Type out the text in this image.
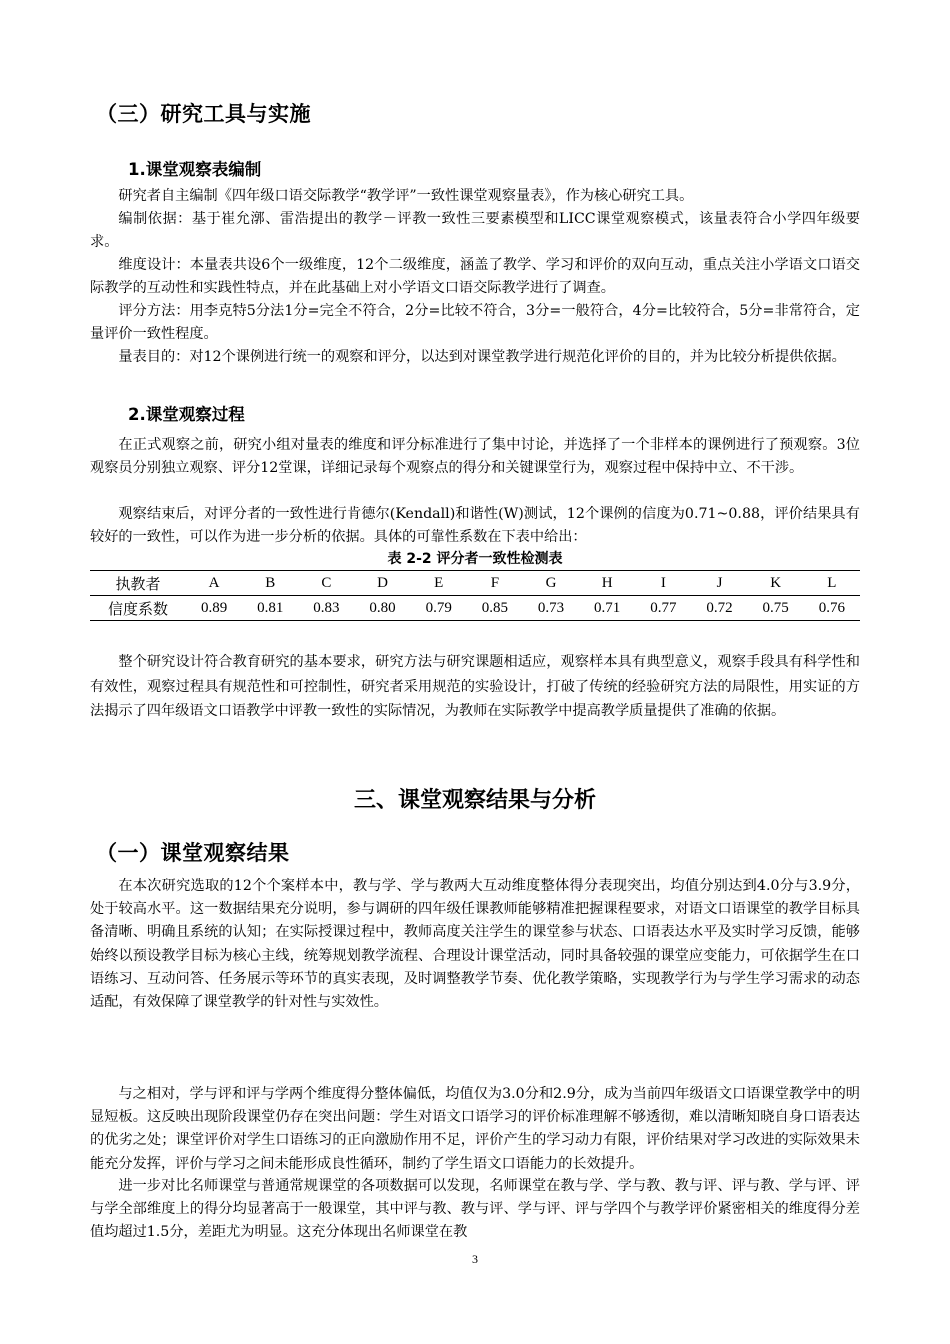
（三）研究工具与实施
1.课堂观察表编制

研究者自主编制《四年级口语交际教学“教学评”一致性课堂观察量表》，作为核心研究工具。

编制依据：基于崔允漷、雷浩提出的教学－评教一致性三要素模型和LICC课堂观察模式，该量表符合小学四年级要求。

维度设计：本量表共设6个一级维度，12个二级维度，涵盖了教学、学习和评价的双向互动，重点关注小学语文口语交际教学的互动性和实践性特点，并在此基础上对小学语文口语交际教学进行了调查。

评分方法：用李克特5分法1分=完全不符合，2分=比较不符合，3分=一般符合，4分=比较符合，5分=非常符合，定量评价一致性程度。

量表目的：对12个课例进行统一的观察和评分，以达到对课堂教学进行规范化评价的目的，并为比较分析提供依据。

2.课堂观察过程

在正式观察之前，研究小组对量表的维度和评分标准进行了集中讨论，并选择了一个非样本的课例进行了预观察。3位观察员分别独立观察、评分12堂课，详细记录每个观察点的得分和关键课堂行为，观察过程中保持中立、不干涉。

观察结束后，对评分者的一致性进行肯德尔(Kendall)和谐性(W)测试，12个课例的信度为0.71~0.88，评价结果具有较好的一致性，可以作为进一步分析的依据。具体的可靠性系数在下表中给出：

表 2-2 评分者一致性检测表

执教者	A	B	C	D	E	F	G	H	I	J	K	L
信度系数	0.89	0.81	0.83	0.80	0.79	0.85	0.73	0.71	0.77	0.72	0.75	0.76

整个研究设计符合教育研究的基本要求，研究方法与研究课题相适应，观察样本具有典型意义，观察手段具有科学性和有效性，观察过程具有规范性和可控制性，研究者采用规范的实验设计，打破了传统的经验研究方法的局限性，用实证的方法揭示了四年级语文口语教学中评教一致性的实际情况，为教师在实际教学中提高教学质量提供了准确的依据。

三、课堂观察结果与分析
（一）课堂观察结果

在本次研究选取的12个个案样本中，教与学、学与教两大互动维度整体得分表现突出，均值分别达到4.0分与3.9分，处于较高水平。这一数据结果充分说明，参与调研的四年级任课教师能够精准把握课程要求，对语文口语课堂的教学目标具备清晰、明确且系统的认知；在实际授课过程中，教师高度关注学生的课堂参与状态、口语表达水平及实时学习反馈，能够始终以预设教学目标为核心主线，统筹规划教学流程、合理设计课堂活动，同时具备较强的课堂应变能力，可依据学生在口语练习、互动问答、任务展示等环节的真实表现，及时调整教学节奏、优化教学策略，实现教学行为与学生学习需求的动态适配，有效保障了课堂教学的针对性与实效性。

与之相对，学与评和评与学两个维度得分整体偏低，均值仅为3.0分和2.9分，成为当前四年级语文口语课堂教学中的明显短板。这反映出现阶段课堂仍存在突出问题：学生对语文口语学习的评价标准理解不够透彻，难以清晰知晓自身口语表达的优劣之处；课堂评价对学生口语练习的正向激励作用不足，评价产生的学习动力有限，评价结果对学习改进的实际效果未能充分发挥，评价与学习之间未能形成良性循环，制约了学生语文口语能力的长效提升。

进一步对比名师课堂与普通常规课堂的各项数据可以发现，名师课堂在教与学、学与教、教与评、评与教、学与评、评与学全部维度上的得分均显著高于一般课堂，其中评与教、教与评、学与评、评与学四个与教学评价紧密相关的维度得分差值均超过1.5分，差距尤为明显。这充分体现出名师课堂在教

3
